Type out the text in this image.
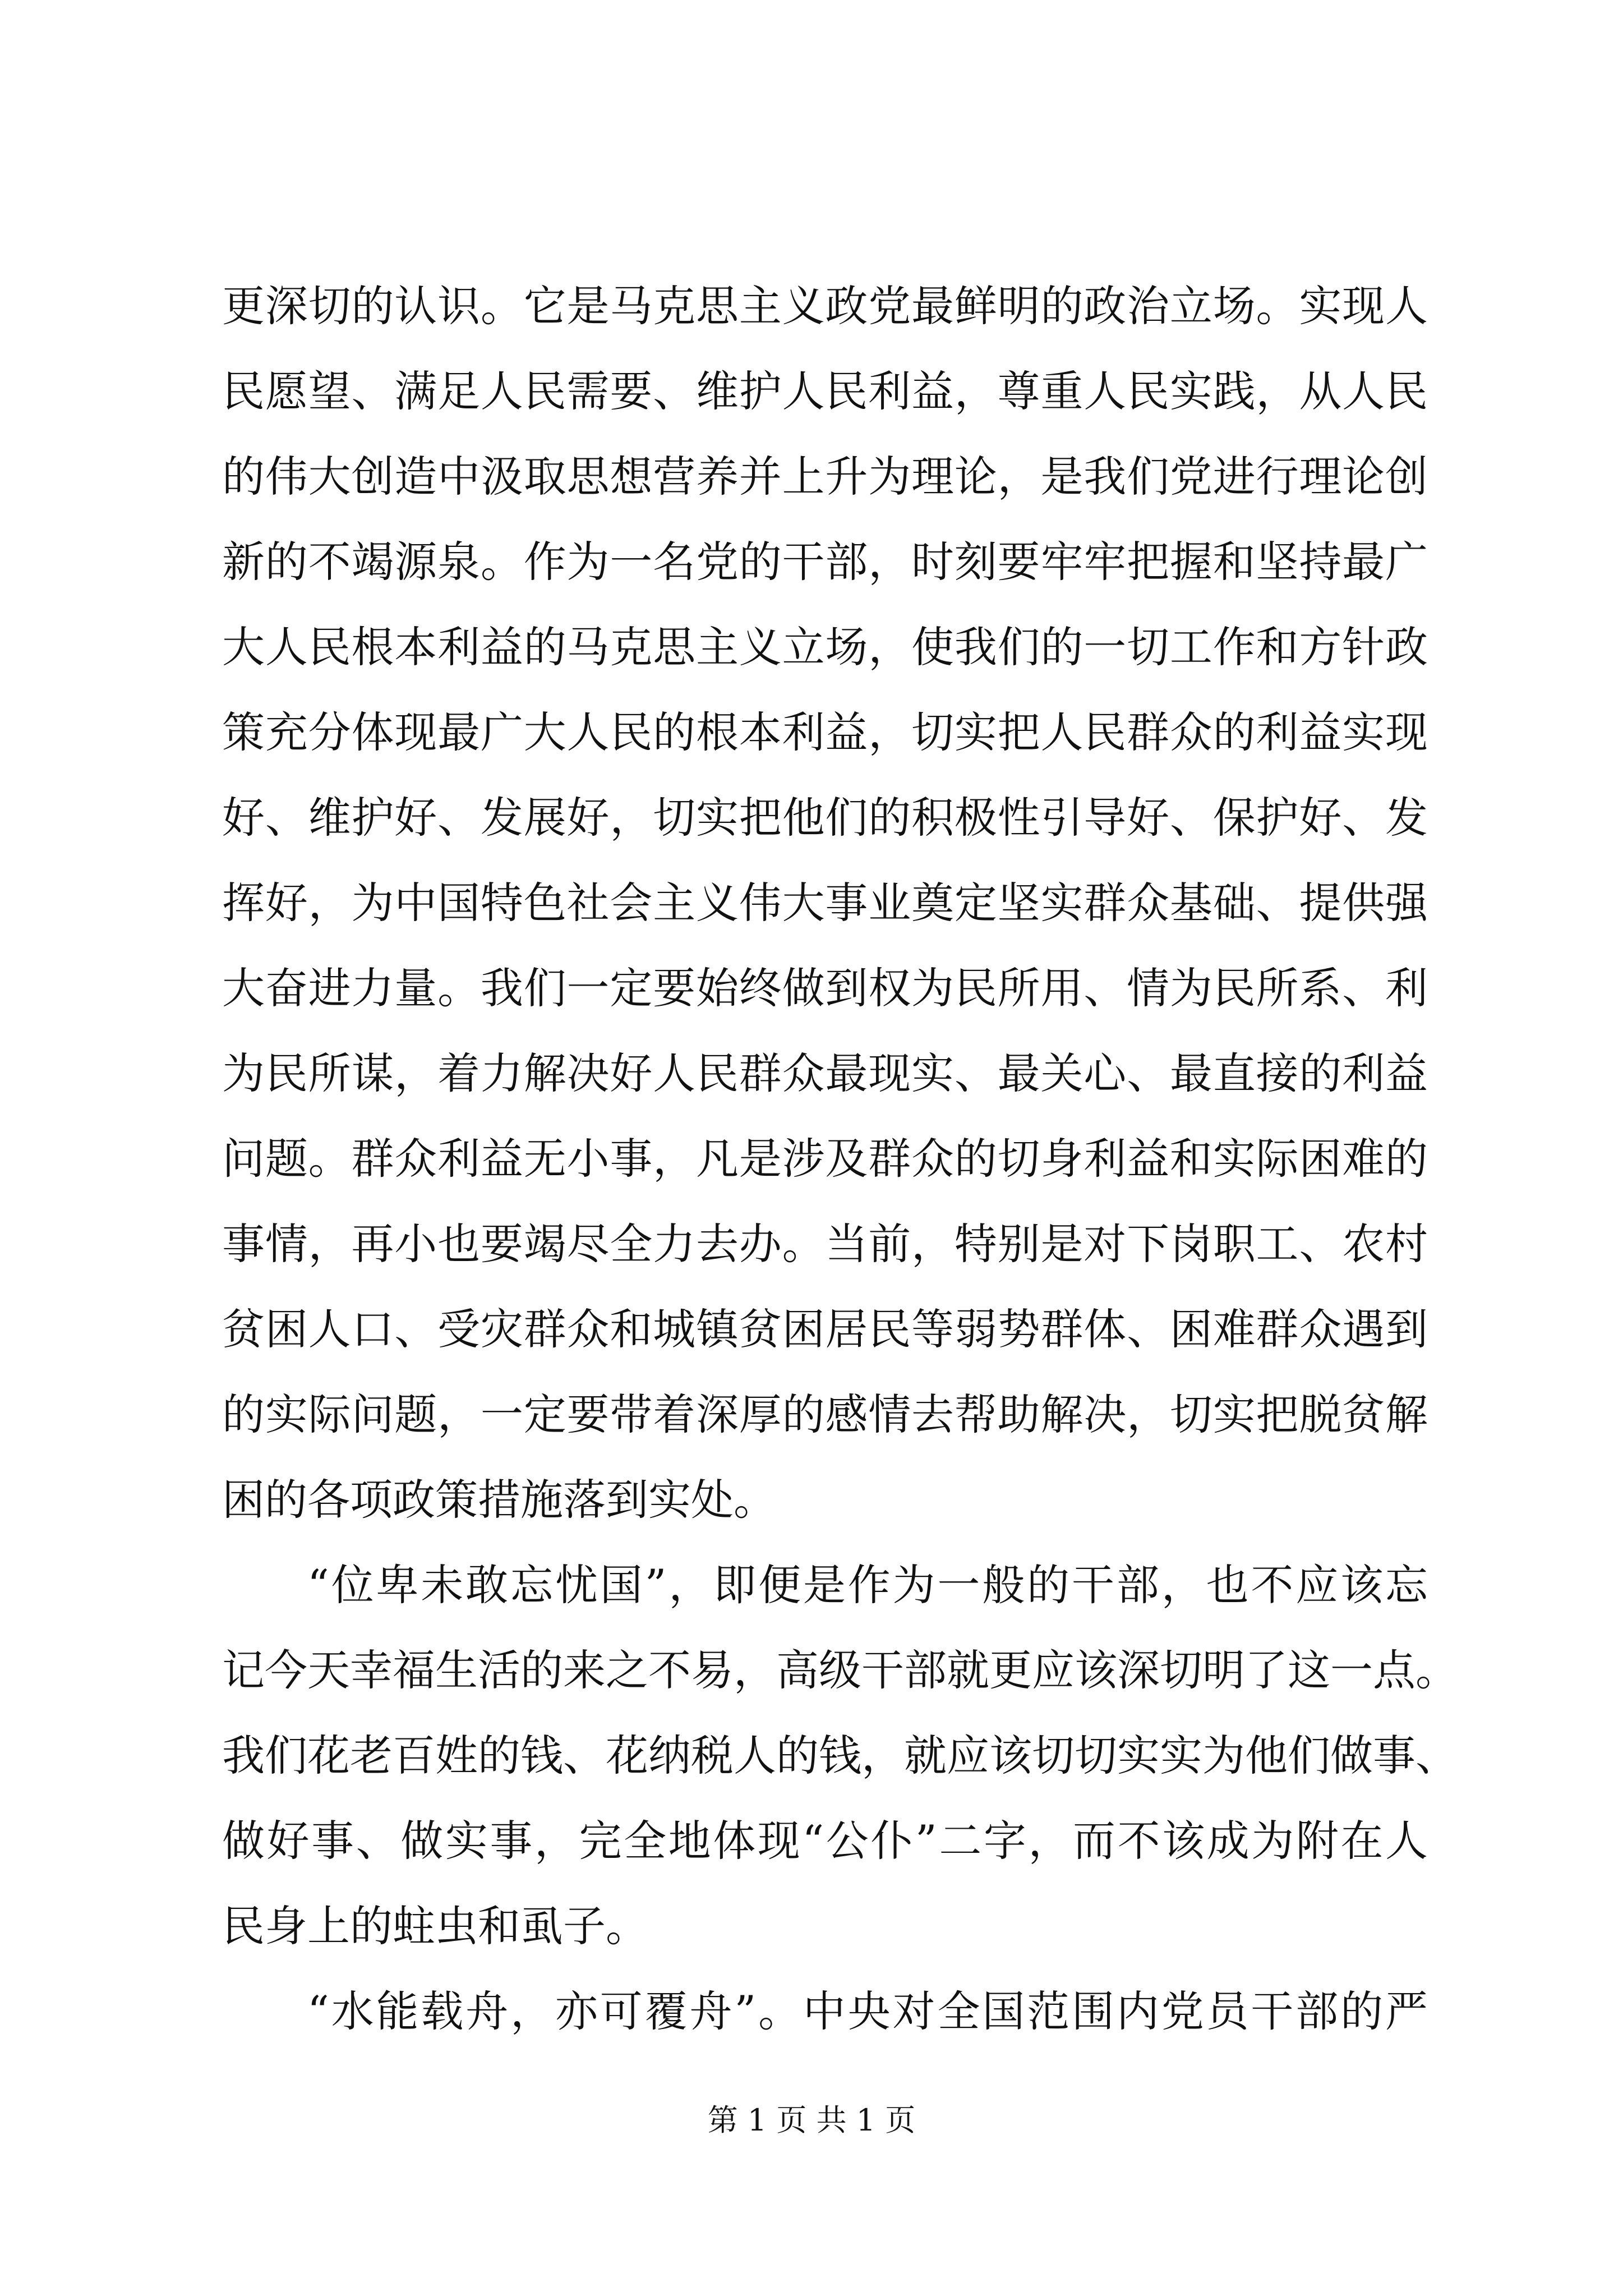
更深切的认识。它是马克思主义政党最鲜明的政治立场。实现人
民愿望、满足人民需要、维护人民利益，尊重人民实践，从人民
的伟大创造中汲取思想营养并上升为理论，是我们党进行理论创
新的不竭源泉。作为一名党的干部，时刻要牢牢把握和坚持最广
大人民根本利益的马克思主义立场，使我们的一切工作和方针政
策充分体现最广大人民的根本利益，切实把人民群众的利益实现
好、维护好、发展好，切实把他们的积极性引导好、保护好、发
挥好，为中国特色社会主义伟大事业奠定坚实群众基础、提供强
大奋进力量。我们一定要始终做到权为民所用、情为民所系、利
为民所谋，着力解决好人民群众最现实、最关心、最直接的利益
问题。群众利益无小事，凡是涉及群众的切身利益和实际困难的
事情，再小也要竭尽全力去办。当前，特别是对下岗职工、农村
贫困人口、受灾群众和城镇贫困居民等弱势群体、困难群众遇到
的实际问题，一定要带着深厚的感情去帮助解决，切实把脱贫解
困的各项政策措施落到实处。
“位卑未敢忘忧国”，即便是作为一般的干部，也不应该忘
记今天幸福生活的来之不易，高级干部就更应该深切明了这一点。
我们花老百姓的钱、花纳税人的钱，就应该切切实实为他们做事、
做好事、做实事，完全地体现“公仆”二字，而不该成为附在人
民身上的蛀虫和虱子。
“水能载舟，亦可覆舟”。中央对全国范围内党员干部的严
第 1 页 共 1 页
